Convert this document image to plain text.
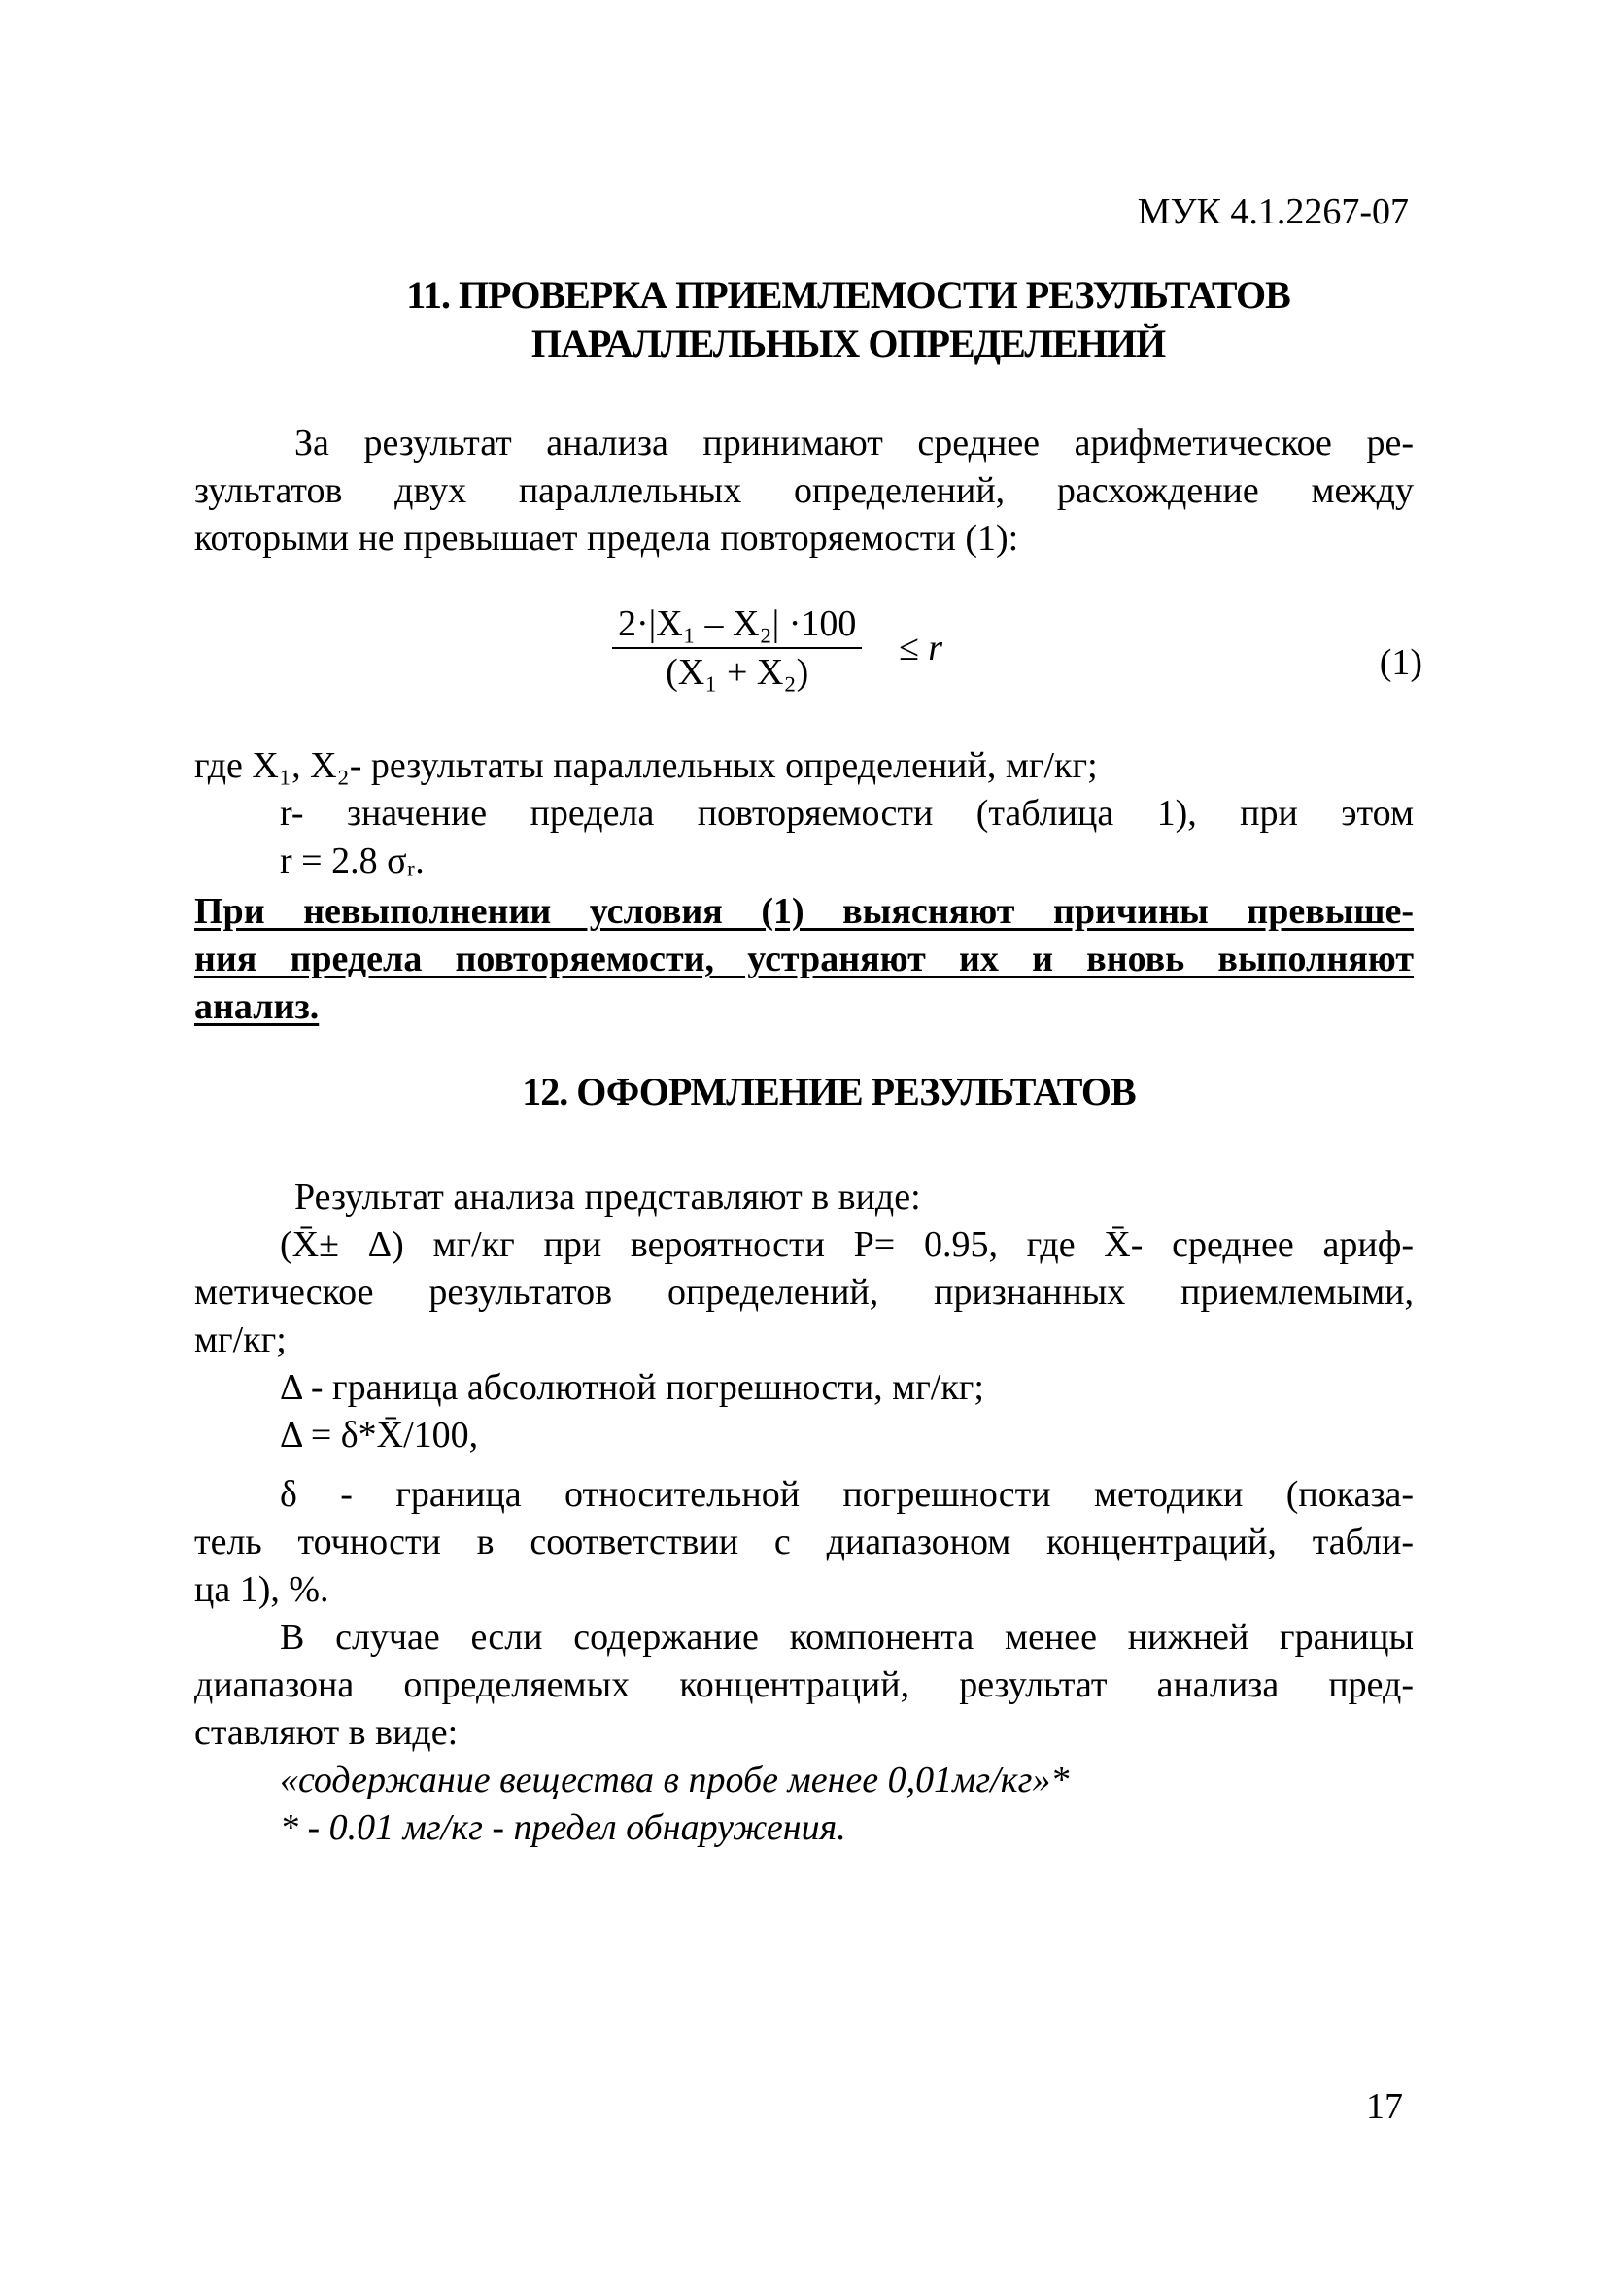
МУК 4.1.2267-07
11. ПРОВЕРКА ПРИЕМЛЕМОСТИ РЕЗУЛЬТАТОВ
ПАРАЛЛЕЛЬНЫХ ОПРЕДЕЛЕНИЙ
За результат анализа принимают среднее арифметическое ре-
зультатов двух параллельных определений, расхождение между
которыми не превышает предела повторяемости (1):
$\frac{\text{2·|X₁ – X₂| ·100}}{\text{(X₁ + X₂)}} \le r$	(1)
где X₁, X₂- результаты параллельных определений, мг/кг;
r- значение предела повторяемости (таблица 1), при этом
r = 2.8 σᵣ.
При невыполнении условия (1) выясняют причины превыше-
ния предела повторяемости, устраняют их и вновь выполняют
анализ.
12. ОФОРМЛЕНИЕ РЕЗУЛЬТАТОВ
Результат анализа представляют в виде:
(X̄± Δ) мг/кг при вероятности P= 0.95, где X̄- среднее ариф-
метическое результатов определений, признанных приемлемыми,
мг/кг;
Δ - граница абсолютной погрешности, мг/кг;
Δ = δ*X̄/100,
δ - граница относительной погрешности методики (показа-
тель точности в соответствии с диапазоном концентраций, табли-
ца 1), %.
В случае если содержание компонента менее нижней границы
диапазона определяемых концентраций, результат анализа пред-
ставляют в виде:
«содержание вещества в пробе менее 0,01мг/кг»*
* - 0.01 мг/кг - предел обнаружения.
17
